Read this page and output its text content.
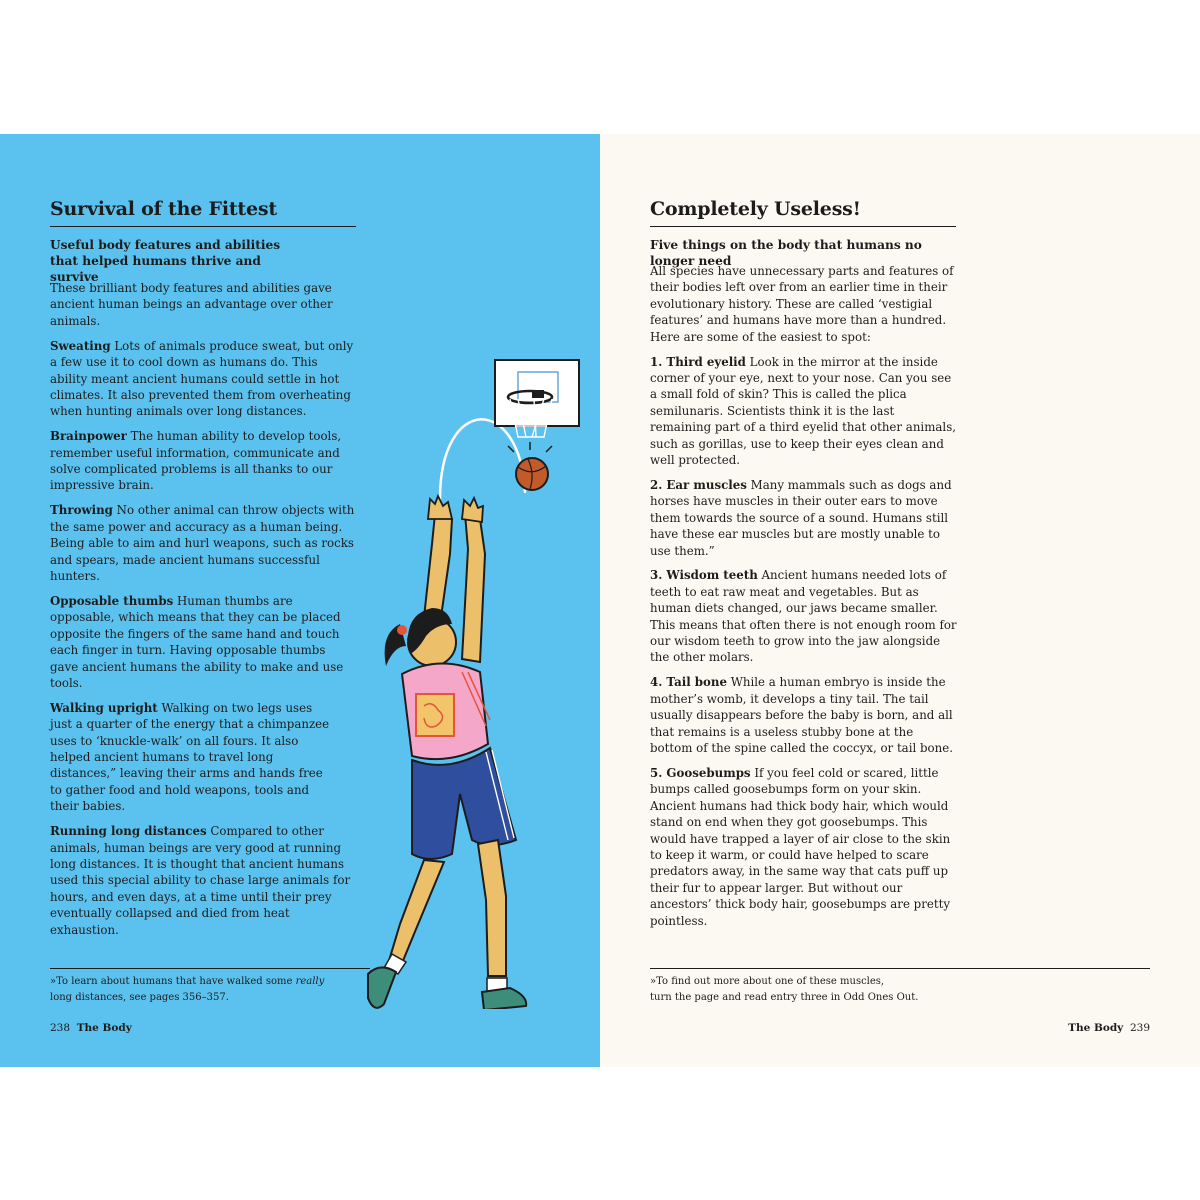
Survival of the Fittest

Useful body features and abilities that helped humans thrive and survive

These brilliant body features and abilities gave ancient human beings an advantage over other animals.

Sweating Lots of animals produce sweat, but only a few use it to cool down as humans do. This ability meant ancient humans could settle in hot climates. It also prevented them from overheating when hunting animals over long distances.

Brainpower The human ability to develop tools, remember useful information, communicate and solve complicated problems is all thanks to our impressive brain.

Throwing No other animal can throw objects with the same power and accuracy as a human being. Being able to aim and hurl weapons, such as rocks and spears, made ancient humans successful hunters.

Opposable thumbs Human thumbs are opposable, which means that they can be placed opposite the fingers of the same hand and touch each finger in turn. Having opposable thumbs gave ancient humans the ability to make and use tools.

Walking upright Walking on two legs uses just a quarter of the energy that a chimpanzee uses to ‘knuckle-walk’ on all fours. It also helped ancient humans to travel long distances,” leaving their arms and hands free to gather food and hold weapons, tools and their babies.

Running long distances Compared to other animals, human beings are very good at running long distances. It is thought that ancient humans used this special ability to chase large animals for hours, and even days, at a time until their prey eventually collapsed and died from heat exhaustion.

»To learn about humans that have walked some really long distances, see pages 356–357.
238 The Body
Completely Useless!

Five things on the body that humans no longer need

All species have unnecessary parts and features of their bodies left over from an earlier time in their evolutionary history. These are called ‘vestigial features’ and humans have more than a hundred. Here are some of the easiest to spot:

1. Third eyelid Look in the mirror at the inside corner of your eye, next to your nose. Can you see a small fold of skin? This is called the plica semilunaris. Scientists think it is the last remaining part of a third eyelid that other animals, such as gorillas, use to keep their eyes clean and well protected.

2. Ear muscles Many mammals such as dogs and horses have muscles in their outer ears to move them towards the source of a sound. Humans still have these ear muscles but are mostly unable to use them.”

3. Wisdom teeth Ancient humans needed lots of teeth to eat raw meat and vegetables. But as human diets changed, our jaws became smaller. This means that often there is not enough room for our wisdom teeth to grow into the jaw alongside the other molars.

4. Tail bone While a human embryo is inside the mother’s womb, it develops a tiny tail. The tail usually disappears before the baby is born, and all that remains is a useless stubby bone at the bottom of the spine called the coccyx, or tail bone.

5. Goosebumps If you feel cold or scared, little bumps called goosebumps form on your skin. Ancient humans had thick body hair, which would stand on end when they got goosebumps. This would have trapped a layer of air close to the skin to keep it warm, or could have helped to scare predators away, in the same way that cats puff up their fur to appear larger. But without our ancestors’ thick body hair, goosebumps are pretty pointless.

»To find out more about one of these muscles,
turn the page and read entry three in Odd Ones Out.
The Body 239
